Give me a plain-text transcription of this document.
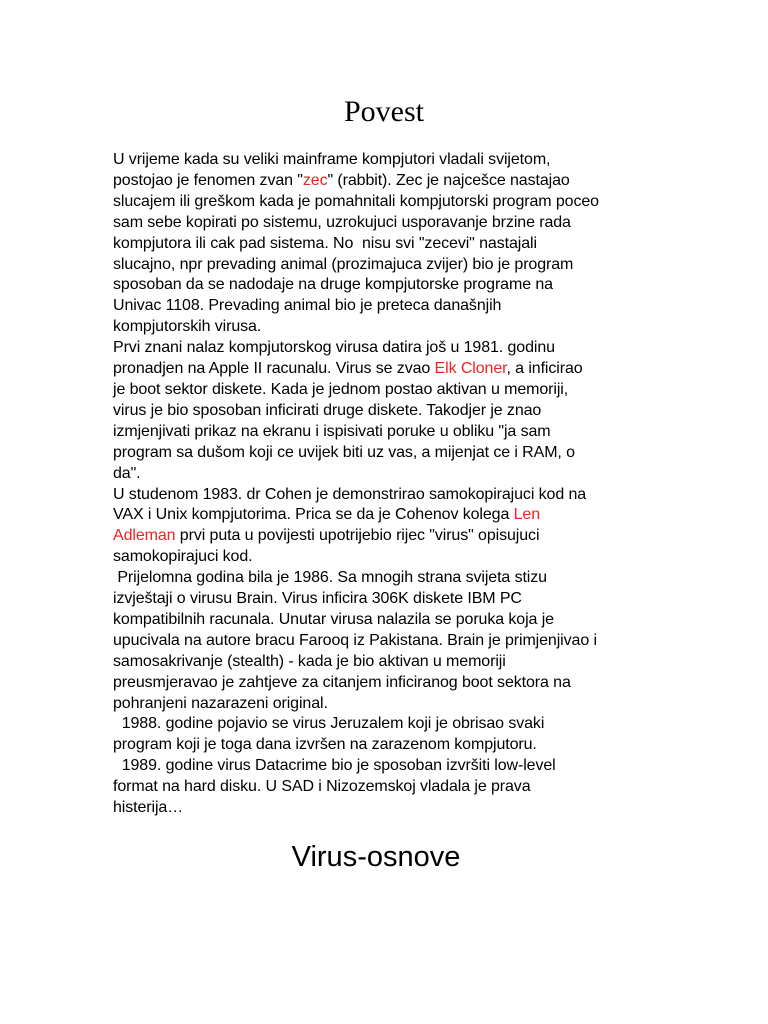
Povest
U vrijeme kada su veliki mainframe kompjutori vladali svijetom,
postojao je fenomen zvan "zec" (rabbit). Zec je najcešce nastajao
slucajem ili greškom kada je pomahnitali kompjutorski program poceo
sam sebe kopirati po sistemu, uzrokujuci usporavanje brzine rada
kompjutora ili cak pad sistema. No  nisu svi "zecevi" nastajali
slucajno, npr prevading animal (prozimajuca zvijer) bio je program
sposoban da se nadodaje na druge kompjutorske programe na
Univac 1108. Prevading animal bio je preteca današnjih
kompjutorskih virusa.
Prvi znani nalaz kompjutorskog virusa datira još u 1981. godinu
pronadjen na Apple II racunalu. Virus se zvao Elk Cloner, a inficirao
je boot sektor diskete. Kada je jednom postao aktivan u memoriji,
virus je bio sposoban inficirati druge diskete. Takodjer je znao
izmjenjivati prikaz na ekranu i ispisivati poruke u obliku "ja sam
program sa dušom koji ce uvijek biti uz vas, a mijenjat ce i RAM, o
da".
U studenom 1983. dr Cohen je demonstrirao samokopirajuci kod na
VAX i Unix kompjutorima. Prica se da je Cohenov kolega Len
Adleman prvi puta u povijesti upotrijebio rijec "virus" opisujuci
samokopirajuci kod.
Prijelomna godina bila je 1986. Sa mnogih strana svijeta stizu
izvještaji o virusu Brain. Virus inficira 306K diskete IBM PC
kompatibilnih racunala. Unutar virusa nalazila se poruka koja je
upucivala na autore bracu Farooq iz Pakistana. Brain je primjenjivao i
samosakrivanje (stealth) - kada je bio aktivan u memoriji
preusmjeravao je zahtjeve za citanjem inficiranog boot sektora na
pohranjeni nazarazeni original.
1988. godine pojavio se virus Jeruzalem koji je obrisao svaki
program koji je toga dana izvršen na zarazenom kompjutoru.
1989. godine virus Datacrime bio je sposoban izvršiti low-level
format na hard disku. U SAD i Nizozemskoj vladala je prava
histerija…
Virus-osnove
